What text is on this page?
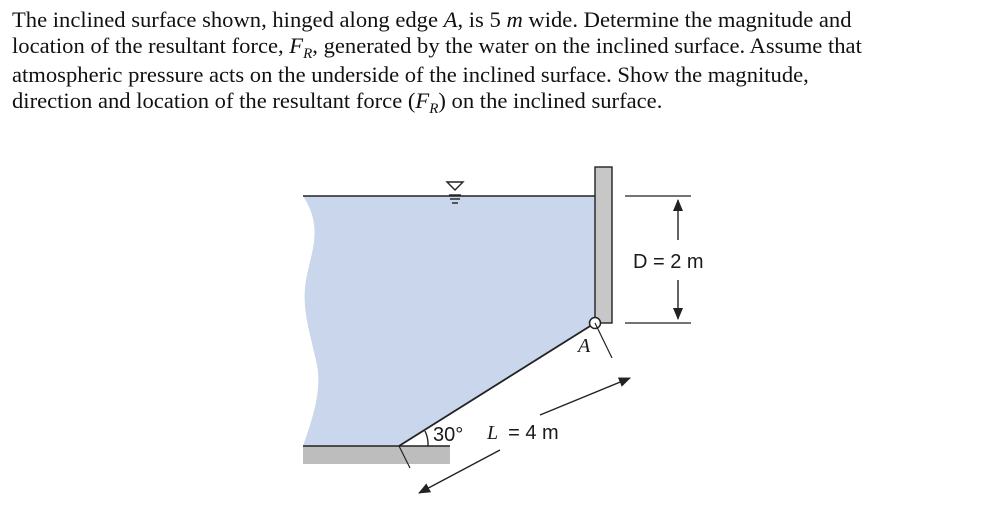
The inclined surface shown, hinged along edge A, is 5 m wide. Determine the magnitude and

location of the resultant force, $F_R$, generated by the water on the inclined surface. Assume that

atmospheric pressure acts on the underside of the inclined surface. Show the magnitude,

direction and location of the resultant force $(F_R)$ on the inclined surface.

A
30° L = 4 m
D = 2 m
